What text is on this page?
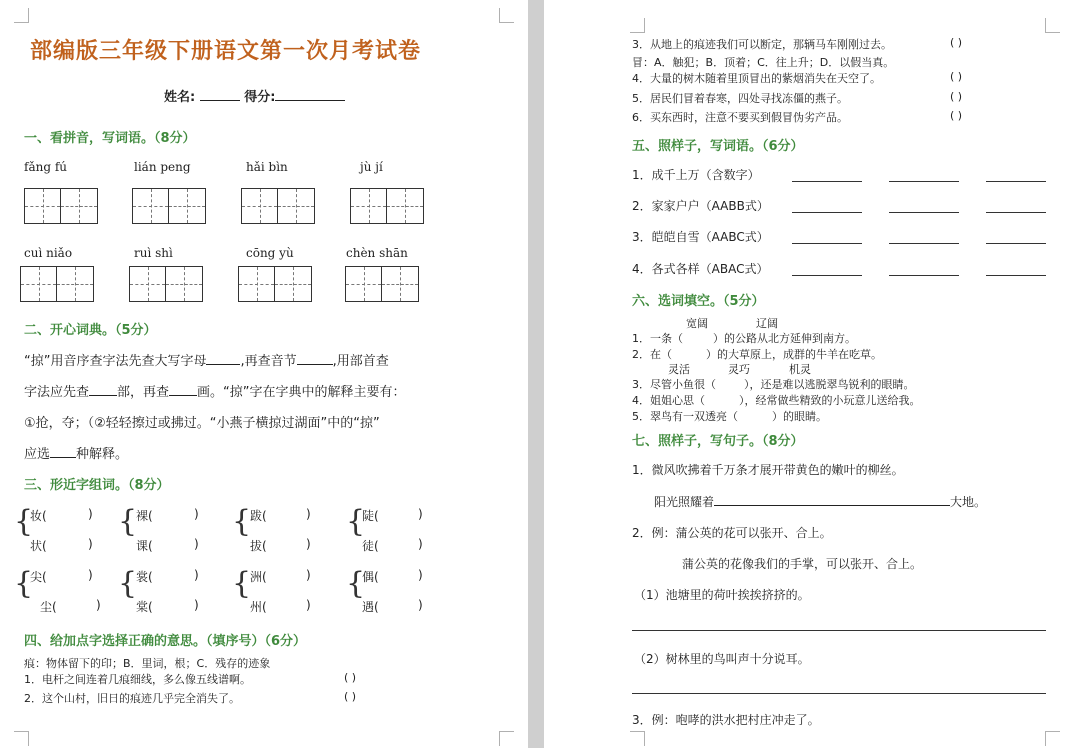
部编版三年级下册语文第一次月考试卷
姓名:	得分:
一、看拼音，写词语。（8分）
fǎng fú	lián peng	hǎi bìn	jù jí
cuì niǎo	ruì shì	cōng yù	chèn shān
二、开心词典。（5分）
“掠”用音序查字法先查大写字母	,再查音节	,用部首查
字法应先查 部，再查 画。“掠”字在字典中的解释主要有：
①抢，夺；（②轻轻擦过或拂过。“小燕子横掠过湖面”中的“掠”
应选 种解释。
三、形近字组词。（8分）
{
妆(	)
状(	)
{
裸(	)
课(	)
{
跋(	)
拔(	)
{
陡(	)
徒(	)
{
尖(	)
尘(	)
{
裳(	)
棠(	)
{
洲(	)
州(	)
{
偶(	)
遇(	)
四、给加点字选择正确的意思。（填序号）（6分）
痕：物体留下的印；B．里词，根；C．残存的迹象
1．电杆之间连着几痕细线，多么像五线谱啊。	( )
2．这个山村，旧日的痕迹几乎完全消失了。	( )
3．从地上的痕迹我们可以断定，那辆马车刚刚过去。	( )
冒：A．触犯；B．顶着；C．往上升；D．以假当真。
4．大量的树木随着里顶冒出的紫烟消失在天空了。	( )
5．居民们冒着春寒，四处寻找冻僵的燕子。	( )
6．买东西时，注意不要买到假冒伪劣产品。	( )
五、照样子，写词语。（6分）
1．成千上万（含数字）
2．家家户户（AABB式）
3．皑皑自雪（AABC式）
4．各式各样（ABAC式）
六、选词填空。（5分）
宽阔	辽阔
1．一条（	）的公路从北方延伸到南方。
2．在（	）的大草原上，成群的牛羊在吃草。
灵活	灵巧	机灵
3．尽管小鱼很（	），还是难以逃脱翠鸟锐利的眼睛。
4．姐姐心思（	），经常做些精致的小玩意儿送给我。
5．翠鸟有一双透亮（	）的眼睛。
七、照样子，写句子。（8分）
1．微风吹拂着千万条才展开带黄色的嫩叶的柳丝。
阳光照耀着	大地。
2．例：蒲公英的花可以张开、合上。
蒲公英的花像我们的手掌，可以张开、合上。
（1）池塘里的荷叶挨挨挤挤的。
（2）树林里的鸟叫声十分说耳。
3．例：咆哮的洪水把村庄冲走了。
